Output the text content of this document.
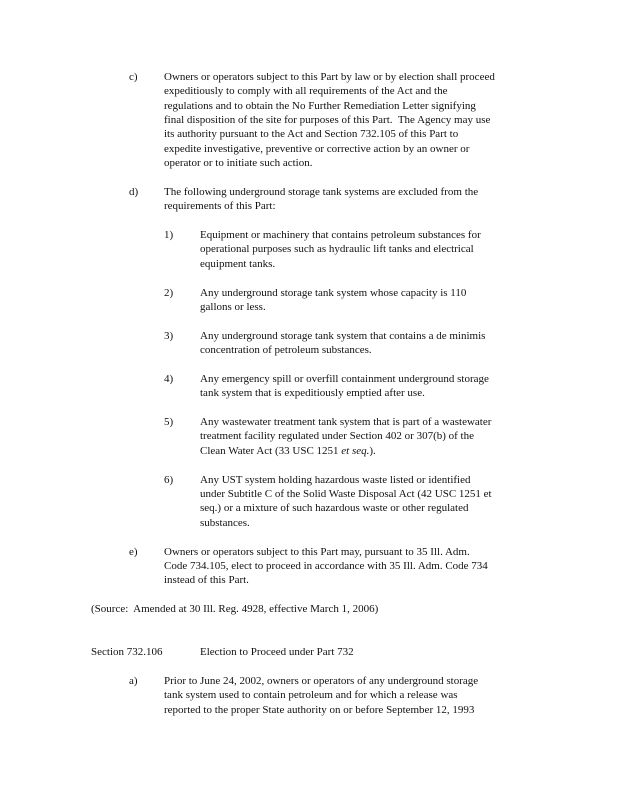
c) Owners or operators subject to this Part by law or by election shall proceed
expeditiously to comply with all requirements of the Act and the
regulations and to obtain the No Further Remediation Letter signifying
final disposition of the site for purposes of this Part.  The Agency may use
its authority pursuant to the Act and Section 732.105 of this Part to
expedite investigative, preventive or corrective action by an owner or
operator or to initiate such action.
d) The following underground storage tank systems are excluded from the
requirements of this Part:
1) Equipment or machinery that contains petroleum substances for
operational purposes such as hydraulic lift tanks and electrical
equipment tanks.
2) Any underground storage tank system whose capacity is 110
gallons or less.
3) Any underground storage tank system that contains a de minimis
concentration of petroleum substances.
4) Any emergency spill or overfill containment underground storage
tank system that is expeditiously emptied after use.
5) Any wastewater treatment tank system that is part of a wastewater
treatment facility regulated under Section 402 or 307(b) of the
Clean Water Act (33 USC 1251 et seq.).
6) Any UST system holding hazardous waste listed or identified
under Subtitle C of the Solid Waste Disposal Act (42 USC 1251 et
seq.) or a mixture of such hazardous waste or other regulated
substances.
e) Owners or operators subject to this Part may, pursuant to 35 Ill. Adm.
Code 734.105, elect to proceed in accordance with 35 Ill. Adm. Code 734
instead of this Part.
(Source:  Amended at 30 Ill. Reg. 4928, effective March 1, 2006)
Section 732.106	Election to Proceed under Part 732
a) Prior to June 24, 2002, owners or operators of any underground storage
tank system used to contain petroleum and for which a release was
reported to the proper State authority on or before September 12, 1993
